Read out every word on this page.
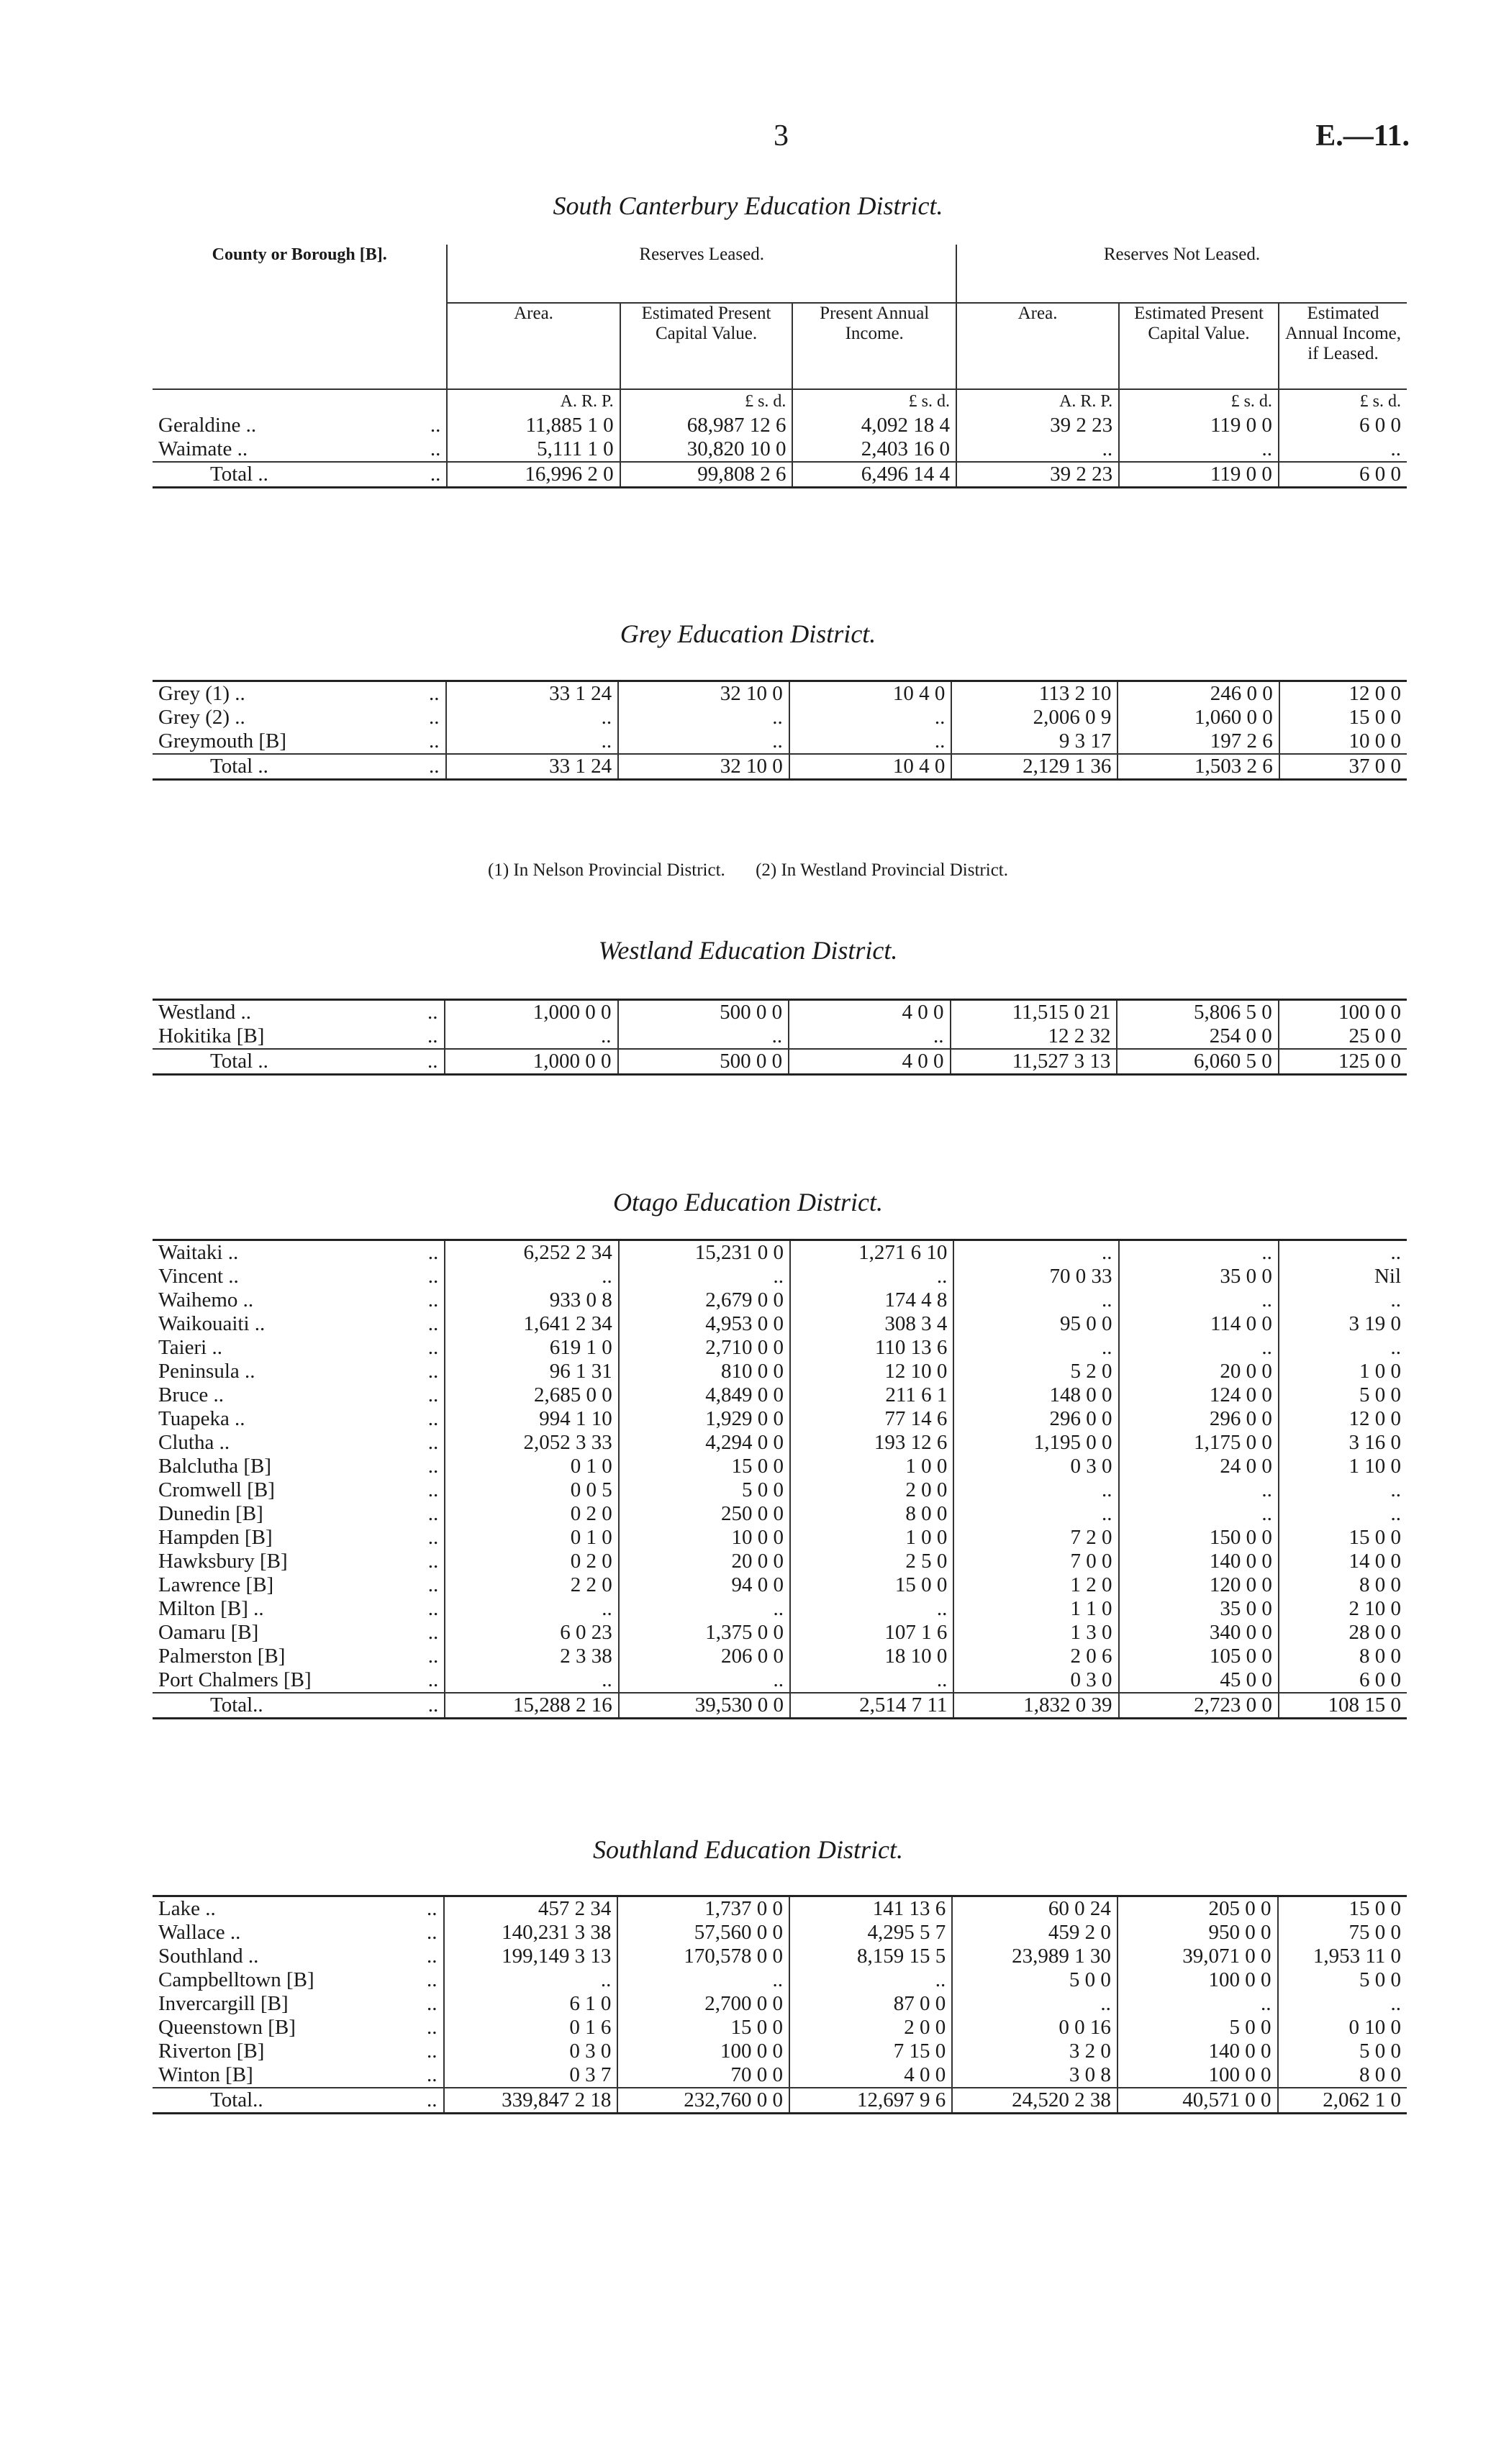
3	E.—11.
South Canterbury Education District.
County or Borough [B].	Reserves Leased.			Reserves Not Leased.		
	Area.	Estimated Present Capital Value.	Present Annual Income.	Area.	Estimated Present Capital Value.	Estimated Annual Income, if Leased.
	A. R. P.	£ s. d.	£ s. d.	A. R. P.	£ s. d.	£ s. d.
Geraldine .. ..	11,885 1 0	68,987 12 6	4,092 18 4	39 2 23	119 0 0	6 0 0
Waimate .. ..	5,111 1 0	30,820 10 0	2,403 16 0	..	..	..
Total .. ..	16,996 2 0	99,808 2 6	6,496 14 4	39 2 23	119 0 0	6 0 0
Grey Education District.
Grey (1) .. ..	33 1 24	32 10 0	10 4 0	113 2 10	246 0 0	12 0 0
Grey (2) .. ..	..	..	..	2,006 0 9	1,060 0 0	15 0 0
Greymouth [B] ..	..	..	..	9 3 17	197 2 6	10 0 0
Total .. ..	33 1 24	32 10 0	10 4 0	2,129 1 36	1,503 2 6	37 0 0
(1) In Nelson Provincial District. (2) In Westland Provincial District.
Westland Education District.
Westland .. ..	1,000 0 0	500 0 0	4 0 0	11,515 0 21	5,806 5 0	100 0 0
Hokitika [B] ..	..	..	..	12 2 32	254 0 0	25 0 0
Total .. ..	1,000 0 0	500 0 0	4 0 0	11,527 3 13	6,060 5 0	125 0 0
Otago Education District.
Waitaki .. ..	6,252 2 34	15,231 0 0	1,271 6 10	..	..	..
Vincent .. ..	..	..	..	70 0 33	35 0 0	Nil
Waihemo .. ..	933 0 8	2,679 0 0	174 4 8	..	..	..
Waikouaiti .. ..	1,641 2 34	4,953 0 0	308 3 4	95 0 0	114 0 0	3 19 0
Taieri .. ..	619 1 0	2,710 0 0	110 13 6	..	..	..
Peninsula .. ..	96 1 31	810 0 0	12 10 0	5 2 0	20 0 0	1 0 0
Bruce .. ..	2,685 0 0	4,849 0 0	211 6 1	148 0 0	124 0 0	5 0 0
Tuapeka .. ..	994 1 10	1,929 0 0	77 14 6	296 0 0	296 0 0	12 0 0
Clutha .. ..	2,052 3 33	4,294 0 0	193 12 6	1,195 0 0	1,175 0 0	3 16 0
Balclutha [B] ..	0 1 0	15 0 0	1 0 0	0 3 0	24 0 0	1 10 0
Cromwell [B] ..	0 0 5	5 0 0	2 0 0	..	..	..
Dunedin [B] ..	0 2 0	250 0 0	8 0 0	..	..	..
Hampden [B] ..	0 1 0	10 0 0	1 0 0	7 2 0	150 0 0	15 0 0
Hawksbury [B] ..	0 2 0	20 0 0	2 5 0	7 0 0	140 0 0	14 0 0
Lawrence [B] ..	2 2 0	94 0 0	15 0 0	1 2 0	120 0 0	8 0 0
Milton [B] .. ..	..	..	..	1 1 0	35 0 0	2 10 0
Oamaru [B] ..	6 0 23	1,375 0 0	107 1 6	1 3 0	340 0 0	28 0 0
Palmerston [B] ..	2 3 38	206 0 0	18 10 0	2 0 6	105 0 0	8 0 0
Port Chalmers [B] ..	..	..	..	0 3 0	45 0 0	6 0 0
Total.. ..	15,288 2 16	39,530 0 0	2,514 7 11	1,832 0 39	2,723 0 0	108 15 0
Southland Education District.
Lake .. ..	457 2 34	1,737 0 0	141 13 6	60 0 24	205 0 0	15 0 0
Wallace .. ..	140,231 3 38	57,560 0 0	4,295 5 7	459 2 0	950 0 0	75 0 0
Southland .. ..	199,149 3 13	170,578 0 0	8,159 15 5	23,989 1 30	39,071 0 0	1,953 11 0
Campbelltown [B] ..	..	..	..	5 0 0	100 0 0	5 0 0
Invercargill [B] ..	6 1 0	2,700 0 0	87 0 0	..	..	..
Queenstown [B] ..	0 1 6	15 0 0	2 0 0	0 0 16	5 0 0	0 10 0
Riverton [B] ..	0 3 0	100 0 0	7 15 0	3 2 0	140 0 0	5 0 0
Winton [B] ..	0 3 7	70 0 0	4 0 0	3 0 8	100 0 0	8 0 0
Total.. ..	339,847 2 18	232,760 0 0	12,697 9 6	24,520 2 38	40,571 0 0	2,062 1 0
